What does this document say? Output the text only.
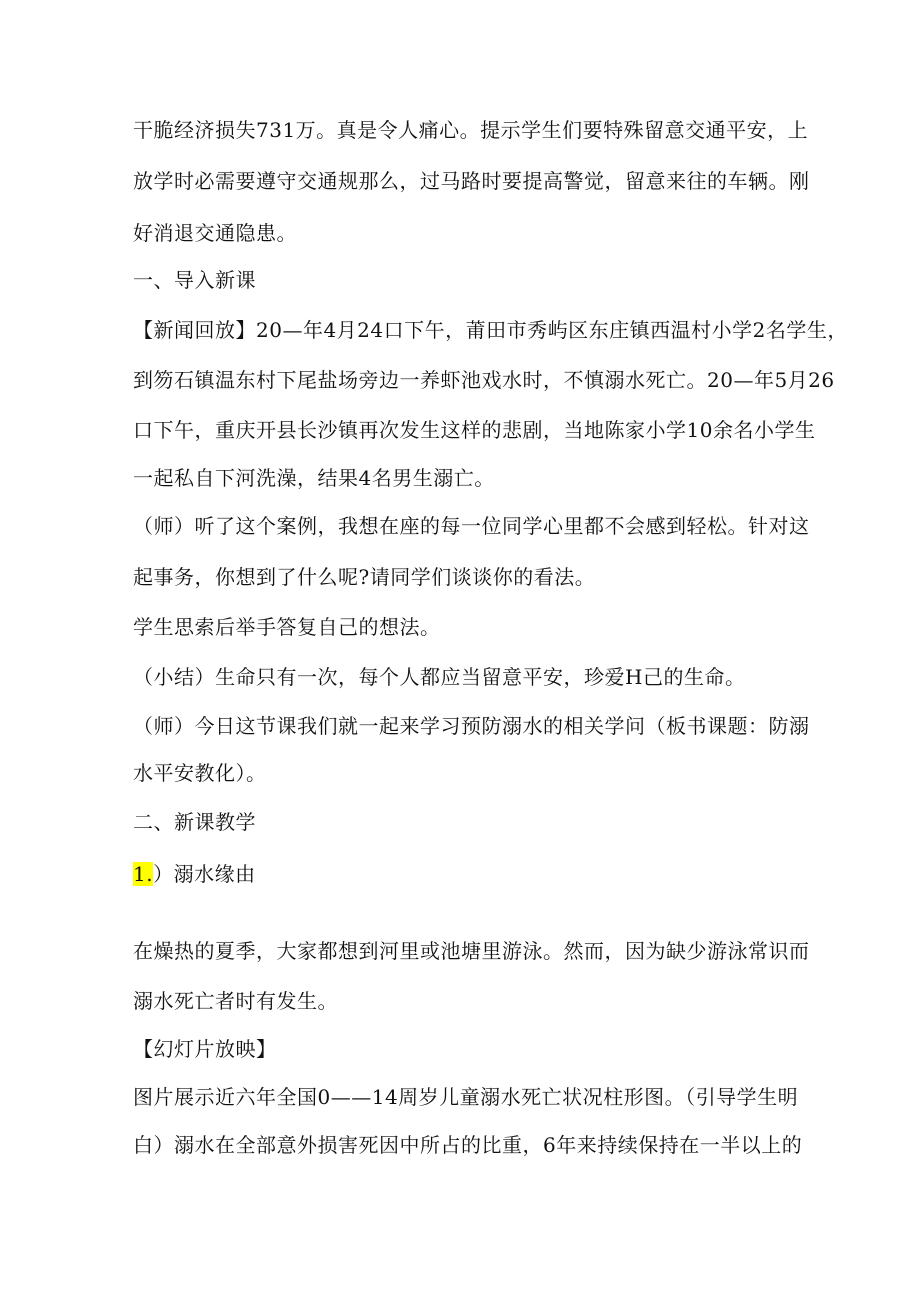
干脆经济损失731万。真是令人痛心。提示学生们要特殊留意交通平安，上
放学时必需要遵守交通规那么，过马路时要提高警觉，留意来往的车辆。刚
好消退交通隐患。
一、导入新课
【新闻回放】20—年4月24口下午，莆田市秀屿区东庄镇西温村小学2名学生，
到笏石镇温东村下尾盐场旁边一养虾池戏水时，不慎溺水死亡。20—年5月26
口下午，重庆开县长沙镇再次发生这样的悲剧，当地陈家小学10余名小学生
一起私自下河洗澡，结果4名男生溺亡。
（师）听了这个案例，我想在座的每一位同学心里都不会感到轻松。针对这
起事务，你想到了什么呢?请同学们谈谈你的看法。
学生思索后举手答复自己的想法。
（小结）生命只有一次，每个人都应当留意平安，珍爱H己的生命。
（师）今日这节课我们就一起来学习预防溺水的相关学问（板书课题：防溺
水平安教化）。
二、新课教学
1.）溺水缘由
在燥热的夏季，大家都想到河里或池塘里游泳。然而，因为缺少游泳常识而
溺水死亡者时有发生。
【幻灯片放映】
图片展示近六年全国0——14周岁儿童溺水死亡状况柱形图。（引导学生明
白）溺水在全部意外损害死因中所占的比重，6年来持续保持在一半以上的
